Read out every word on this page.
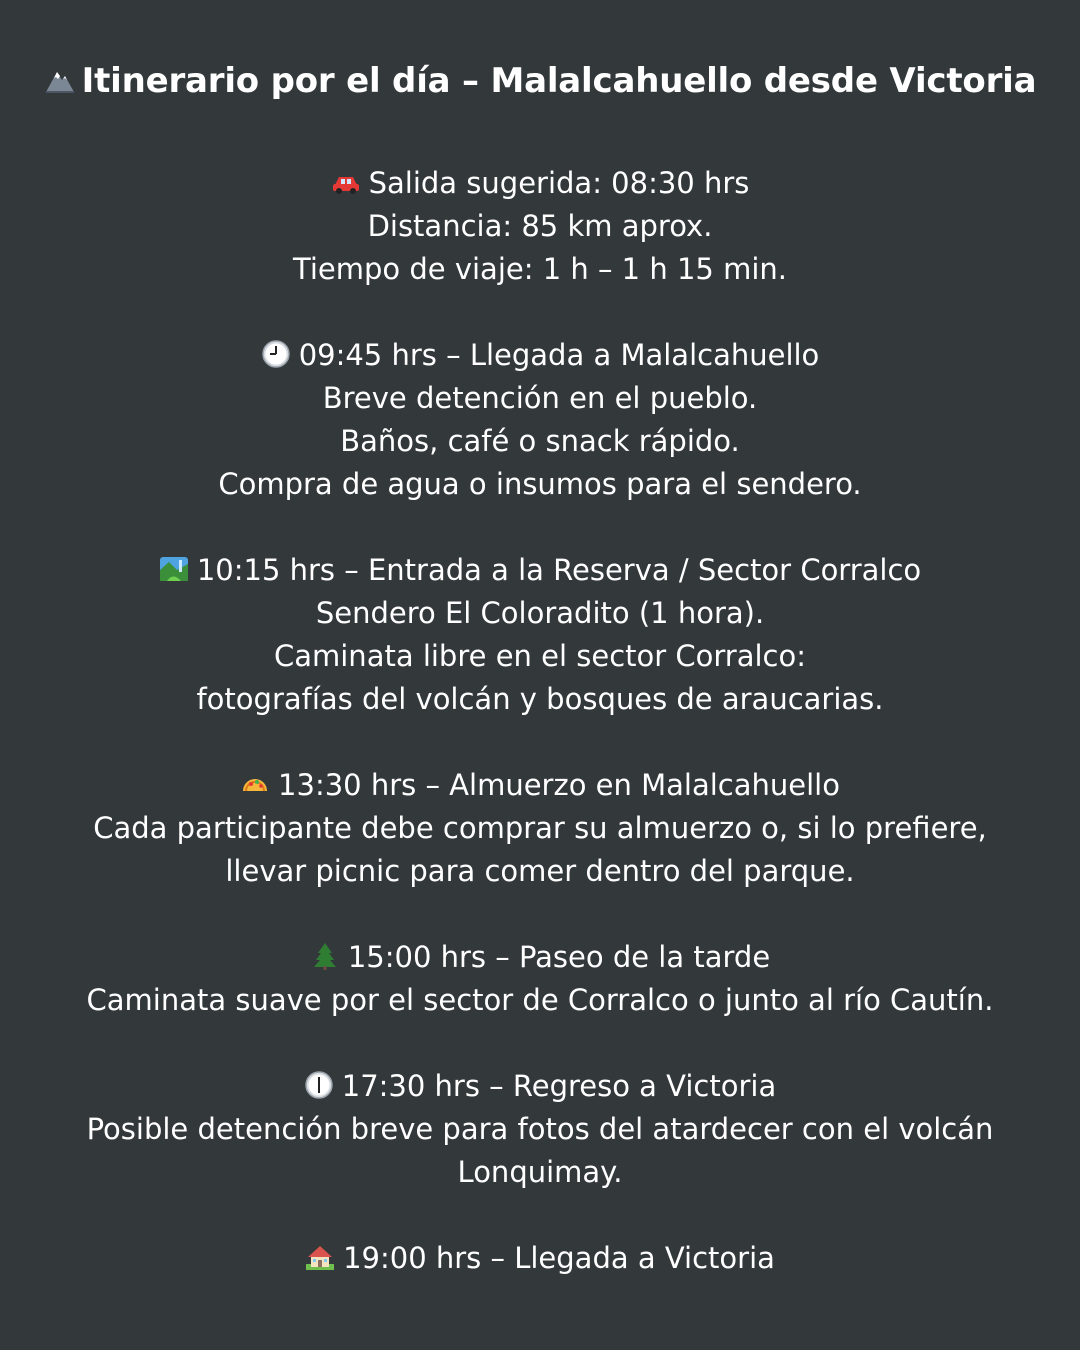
Itinerario por el día – Malalcahuello desde Victoria

Salida sugerida: 08:30 hrs

Distancia: 85 km aprox.

Tiempo de viaje: 1 h – 1 h 15 min.

09:45 hrs – Llegada a Malalcahuello

Breve detención en el pueblo.

Baños, café o snack rápido.

Compra de agua o insumos para el sendero.

10:15 hrs – Entrada a la Reserva / Sector Corralco

Sendero El Coloradito (1 hora).

Caminata libre en el sector Corralco:

fotografías del volcán y bosques de araucarias.

13:30 hrs – Almuerzo en Malalcahuello

Cada participante debe comprar su almuerzo o, si lo prefiere,

llevar picnic para comer dentro del parque.

15:00 hrs – Paseo de la tarde

Caminata suave por el sector de Corralco o junto al río Cautín.

17:30 hrs – Regreso a Victoria

Posible detención breve para fotos del atardecer con el volcán Lonquimay.

19:00 hrs – Llegada a Victoria
